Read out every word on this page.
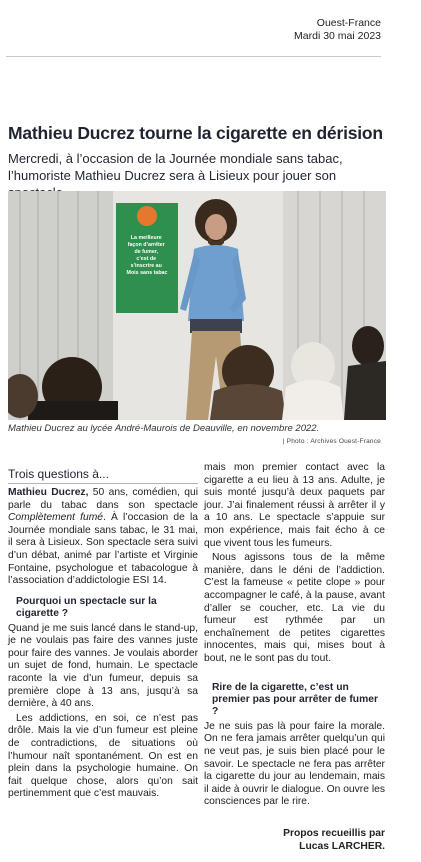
Ouest-France
Mardi 30 mai 2023
Mathieu Ducrez tourne la cigarette en dérision

Mercredi, à l’occasion de la Journée mondiale sans tabac, l’humoriste Mathieu Ducrez sera à Lisieux pour jouer son

La meilleure façon d’arrêter de fumer, c’est de s’inscrire au Mois sans tabac
Mathieu Ducrez au lycée André-Maurois de Deauville, en novembre 2022.
| Photo : Archives Ouest-France
Trois questions à...

Mathieu Ducrez, 50 ans, comédien, qui parle du tabac dans son spectacle Complètement fumé. À l’occasion de la Journée mondiale sans tabac, le 31 mai, il sera à Lisieux. Son spectacle sera suivi d’un débat, animé par l’artiste et Virginie Fontaine, psychologue et tabacologue à l’association d’addictologie ESI 14.

Pourquoi un spectacle sur la cigarette ?

Quand je me suis lancé dans le stand-up, je ne voulais pas faire des vannes juste pour faire des vannes. Je voulais aborder un sujet de fond, humain. Le spectacle raconte la vie d’un fumeur, depuis sa première clope à 13 ans, jusqu’à sa dernière, à 40 ans.

Les addictions, en soi, ce n’est pas drôle. Mais la vie d’un fumeur est pleine de contradictions, de situations où l’humour naît spontanément. On est en plein dans la psychologie humaine. On fait quelque chose, alors qu’on sait pertinemment que c’est mauvais.

mais mon premier contact avec la cigarette a eu lieu à 13 ans. Adulte, je suis monté jusqu’à deux paquets par jour. J’ai finalement réussi à arrêter il y a 10 ans. Le spectacle s’appuie sur mon expérience, mais fait écho à ce que vivent tous les fumeurs.

Nous agissons tous de la même manière, dans le déni de l’addiction. C’est la fameuse « petite clope » pour accompagner le café, à la pause, avant d’aller se coucher, etc. La vie du fumeur est rythmée par un enchaînement de petites cigarettes innocentes, mais qui, mises bout à bout, ne le sont pas du tout.

Rire de la cigarette, c’est un premier pas pour arrêter de fumer ?

Je ne suis pas là pour faire la morale. On ne fera jamais arrêter quelqu’un qui ne veut pas, je suis bien placé pour le savoir. Le spectacle ne fera pas arrêter la cigarette du jour au lendemain, mais il aide à ouvrir le dialogue. On ouvre les consciences par le rire.

Propos recueillis par
Lucas LARCHER.
